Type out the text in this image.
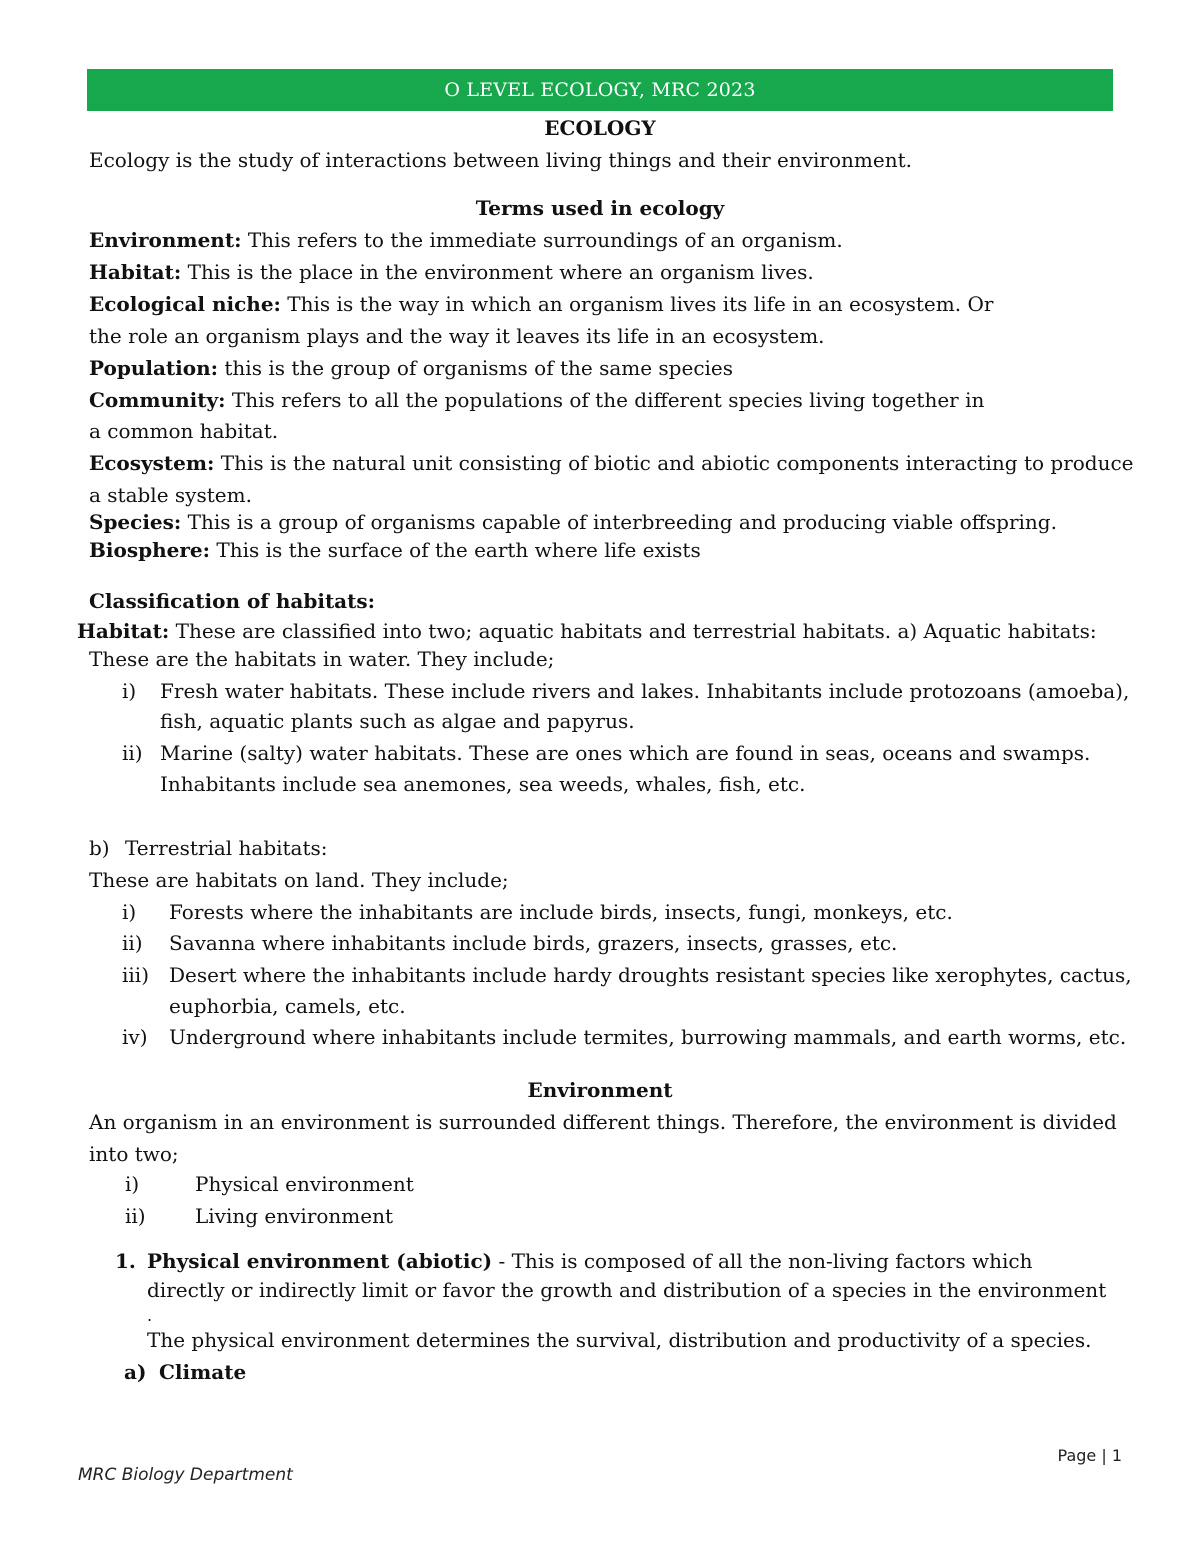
O LEVEL ECOLOGY, MRC 2023
ECOLOGY
Ecology is the study of interactions between living things and their environment.
Terms used in ecology
Environment: This refers to the immediate surroundings of an organism.
Habitat: This is the place in the environment where an organism lives.
Ecological niche: This is the way in which an organism lives its life in an ecosystem. Or
the role an organism plays and the way it leaves its life in an ecosystem.
Population: this is the group of organisms of the same species
Community: This refers to all the populations of the different species living together in
a common habitat.
Ecosystem: This is the natural unit consisting of biotic and abiotic components interacting to produce
a stable system.
Species: This is a group of organisms capable of interbreeding and producing viable offspring.
Biosphere: This is the surface of the earth where life exists
Classification of habitats:
Habitat: These are classified into two; aquatic habitats and terrestrial habitats. a) Aquatic habitats:
These are the habitats in water. They include;
i) Fresh water habitats. These include rivers and lakes. Inhabitants include protozoans (amoeba),
fish, aquatic plants such as algae and papyrus.
ii) Marine (salty) water habitats. These are ones which are found in seas, oceans and swamps.
Inhabitants include sea anemones, sea weeds, whales, fish, etc.
b) Terrestrial habitats:
These are habitats on land. They include;
i) Forests where the inhabitants are include birds, insects, fungi, monkeys, etc.
ii) Savanna where inhabitants include birds, grazers, insects, grasses, etc.
iii) Desert where the inhabitants include hardy droughts resistant species like xerophytes, cactus,
euphorbia, camels, etc.
iv) Underground where inhabitants include termites, burrowing mammals, and earth worms, etc.
Environment
An organism in an environment is surrounded different things. Therefore, the environment is divided
into two;
i)	Physical environment
ii) Living environment
1. Physical environment (abiotic) - This is composed of all the non-living factors which
directly or indirectly limit or favor the growth and distribution of a species in the environment
.
The physical environment determines the survival, distribution and productivity of a species.
a) Climate
Page | 1
MRC Biology Department
